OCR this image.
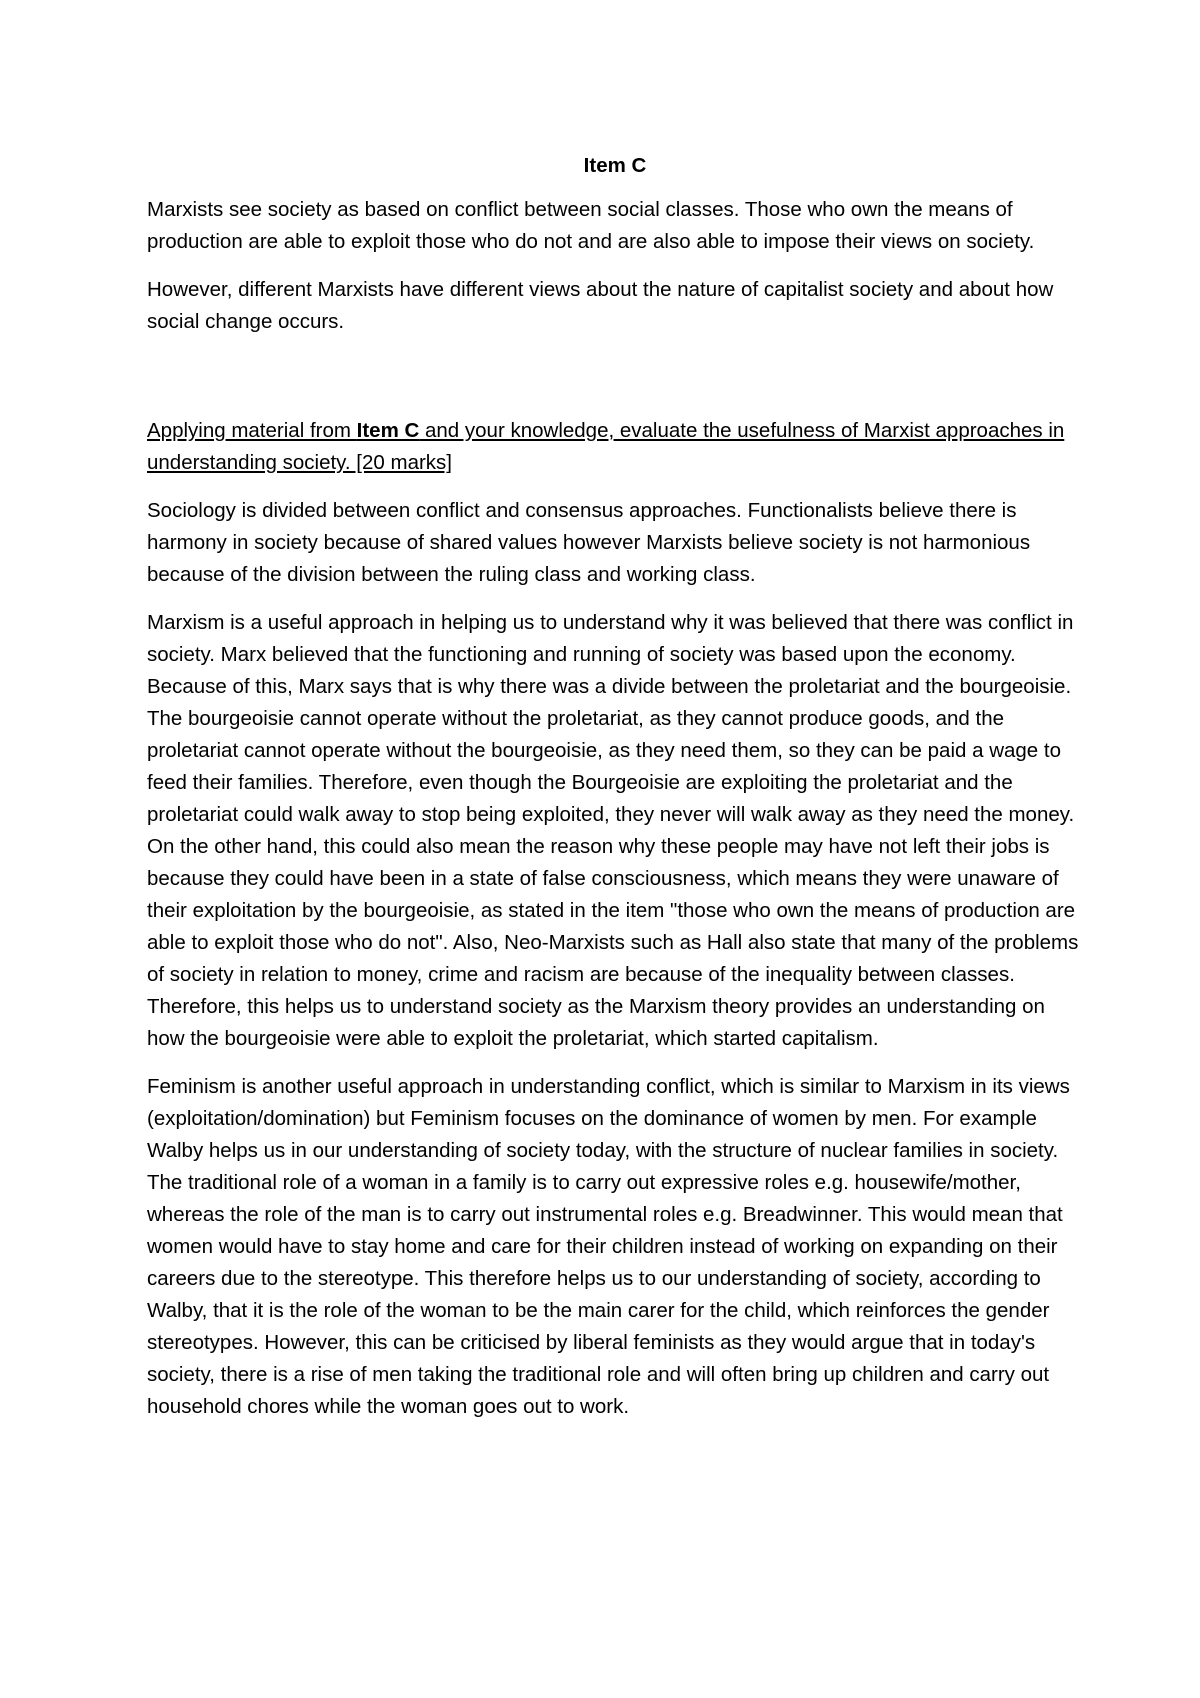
Item C

Marxists see society as based on conflict between social classes. Those who own the means of production are able to exploit those who do not and are also able to impose their views on society.

However, different Marxists have different views about the nature of capitalist society and about how social change occurs.

Applying material from Item C and your knowledge, evaluate the usefulness of Marxist approaches in understanding society. [20 marks]

Sociology is divided between conflict and consensus approaches. Functionalists believe there is harmony in society because of shared values however Marxists believe society is not harmonious because of the division between the ruling class and working class.

Marxism is a useful approach in helping us to understand why it was believed that there was conflict in society. Marx believed that the functioning and running of society was based upon the economy. Because of this, Marx says that is why there was a divide between the proletariat and the bourgeoisie. The bourgeoisie cannot operate without the proletariat, as they cannot produce goods, and the proletariat cannot operate without the bourgeoisie, as they need them, so they can be paid a wage to feed their families. Therefore, even though the Bourgeoisie are exploiting the proletariat and the proletariat could walk away to stop being exploited, they never will walk away as they need the money. On the other hand, this could also mean the reason why these people may have not left their jobs is because they could have been in a state of false consciousness, which means they were unaware of their exploitation by the bourgeoisie, as stated in the item "those who own the means of production are able to exploit those who do not". Also, Neo-Marxists such as Hall also state that many of the problems of society in relation to money, crime and racism are because of the inequality between classes. Therefore, this helps us to understand society as the Marxism theory provides an understanding on how the bourgeoisie were able to exploit the proletariat, which started capitalism.

Feminism is another useful approach in understanding conflict, which is similar to Marxism in its views (exploitation/domination) but Feminism focuses on the dominance of women by men. For example Walby helps us in our understanding of society today, with the structure of nuclear families in society. The traditional role of a woman in a family is to carry out expressive roles e.g. housewife/mother, whereas the role of the man is to carry out instrumental roles e.g. Breadwinner. This would mean that women would have to stay home and care for their children instead of working on expanding on their careers due to the stereotype. This therefore helps us to our understanding of society, according to Walby, that it is the role of the woman to be the main carer for the child, which reinforces the gender stereotypes. However, this can be criticised by liberal feminists as they would argue that in today's society, there is a rise of men taking the traditional role and will often bring up children and carry out household chores while the woman goes out to work.
